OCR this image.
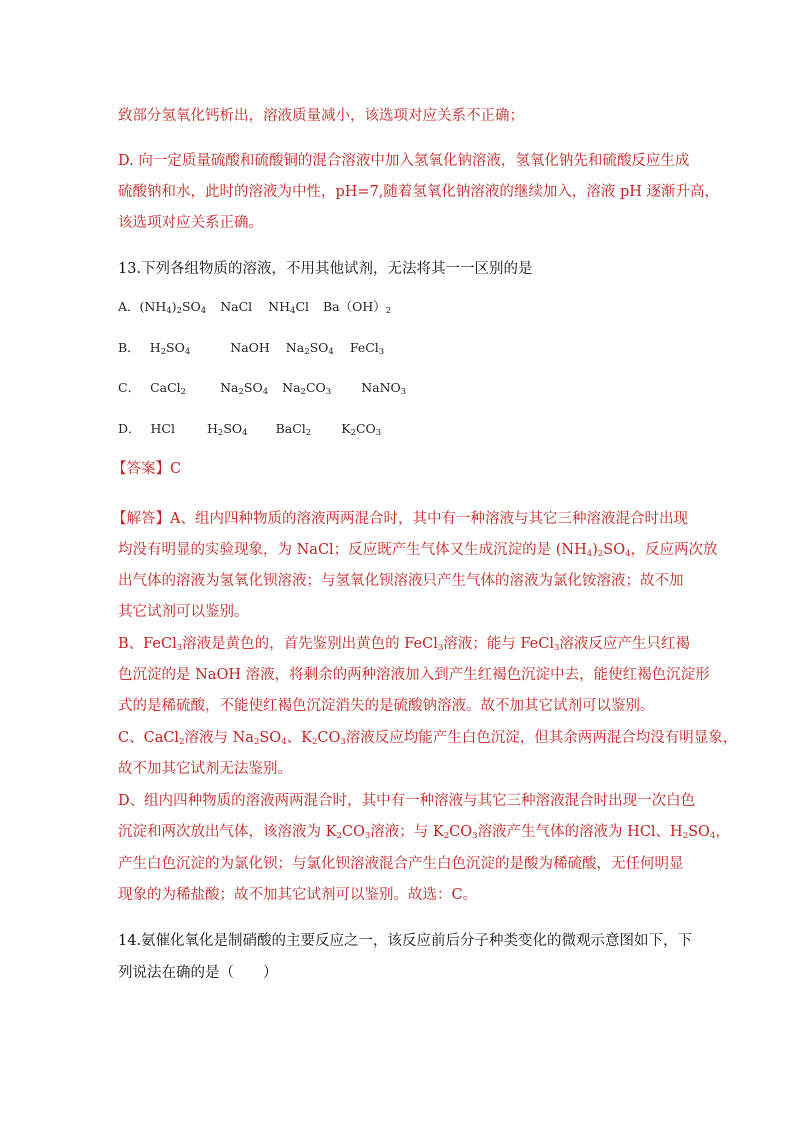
致部分氢氧化钙析出，溶液质量减小，该选项对应关系不正确；

D. 向一定质量硫酸和硫酸铜的混合溶液中加入氢氧化钠溶液，氢氧化钠先和硫酸反应生成

硫酸钠和水，此时的溶液为中性，pH=7,随着氢氧化钠溶液的继续加入，溶液 pH 逐渐升高，

该选项对应关系正确。

13.下列各组物质的溶液，不用其他试剂，无法将其一一区别的是

A．$(NH_4)_2SO_4$ NaCl $NH_4Cl$ $Ba(OH)_2$

B． $H_2SO_4$	NaOH $Na_2SO_4$ FeCl$_3$

C． CaCl$_2$	$Na_2SO_4$ $Na_2CO_3$ NaNO$_3$

D． HCl	$H_2SO_4$ BaCl$_2$ $K_2CO_3$

【答案】C

【解答】A、组内四种物质的溶液两两混合时，其中有一种溶液与其它三种溶液混合时出现

均没有明显的实验现象，为 NaCl；反应既产生气体又生成沉淀的是 $(NH_4)_2SO_4$，反应两次放

出气体的溶液为氢氧化钡溶液；与氢氧化钡溶液只产生气体的溶液为氯化铵溶液；故不加

其它试剂可以鉴别。

B、FeCl$_3$溶液是黄色的，首先鉴别出黄色的 FeCl$_3$溶液；能与 FeCl$_3$溶液反应产生只红褐

色沉淀的是 NaOH 溶液，将剩余的两种溶液加入到产生红褐色沉淀中去，能使红褐色沉淀形

式的是稀硫酸，不能使红褐色沉淀消失的是硫酸钠溶液。故不加其它试剂可以鉴别。

C、CaCl$_2$溶液与 $Na_2SO_4$、$K_2CO_3$溶液反应均能产生白色沉淀，但其余两两混合均没有明显象，

故不加其它试剂无法鉴别。

D、组内四种物质的溶液两两混合时，其中有一种溶液与其它三种溶液混合时出现一次白色

沉淀和两次放出气体，该溶液为 $K_2CO_3$溶液；与 $K_2CO_3$溶液产生气体的溶液为 HCl、$H_2SO_4$，

产生白色沉淀的为氯化钡；与氯化钡溶液混合产生白色沉淀的是酸为稀硫酸，无任何明显

现象的为稀盐酸；故不加其它试剂可以鉴别。故选：C。

14.氨催化氧化是制硝酸的主要反应之一，该反应前后分子种类变化的微观示意图如下，下

列说法在确的是（　　）
